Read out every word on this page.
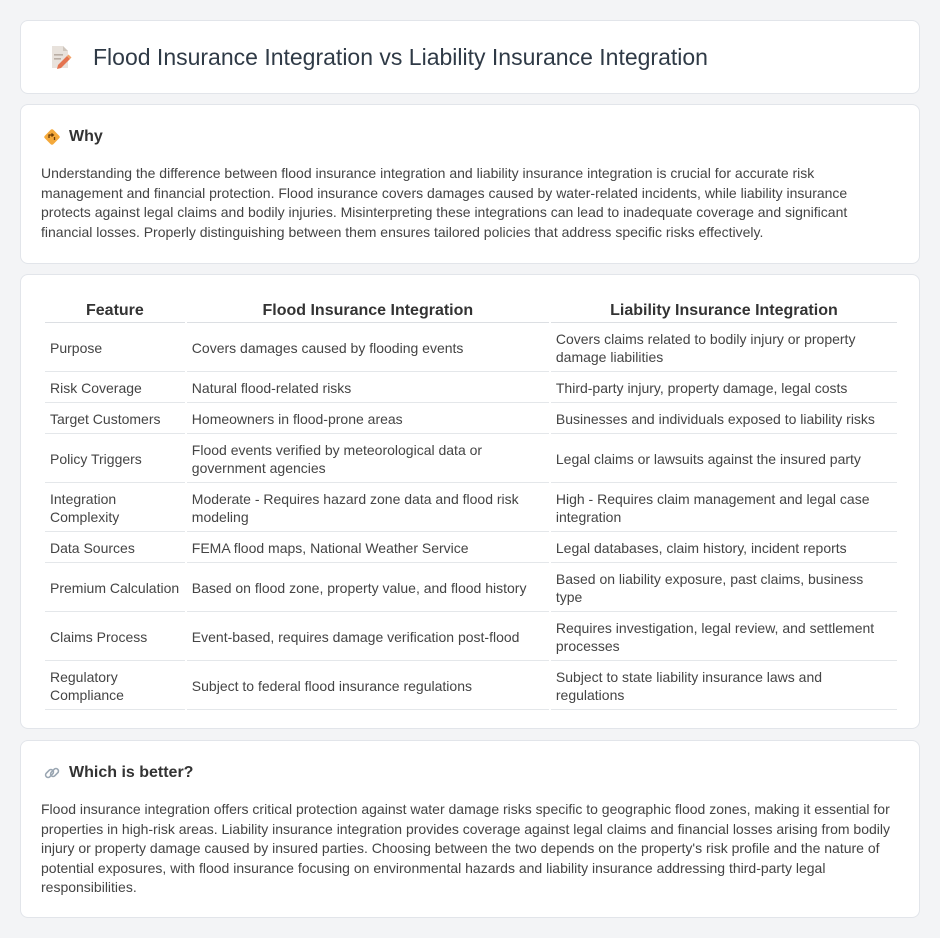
Flood Insurance Integration vs Liability Insurance Integration
Why

Understanding the difference between flood insurance integration and liability insurance integration is crucial for accurate risk management and financial protection. Flood insurance covers damages caused by water-related incidents, while liability insurance protects against legal claims and bodily injuries. Misinterpreting these integrations can lead to inadequate coverage and significant financial losses. Properly distinguishing between them ensures tailored policies that address specific risks effectively.

Feature	Flood Insurance Integration	Liability Insurance Integration
Purpose	Covers damages caused by flooding events	Covers claims related to bodily injury or property damage liabilities
Risk Coverage	Natural flood-related risks	Third-party injury, property damage, legal costs
Target Customers	Homeowners in flood-prone areas	Businesses and individuals exposed to liability risks
Policy Triggers	Flood events verified by meteorological data or government agencies	Legal claims or lawsuits against the insured party
Integration Complexity	Moderate - Requires hazard zone data and flood risk modeling	High - Requires claim management and legal case integration
Data Sources	FEMA flood maps, National Weather Service	Legal databases, claim history, incident reports
Premium Calculation	Based on flood zone, property value, and flood history	Based on liability exposure, past claims, business type
Claims Process	Event-based, requires damage verification post-flood	Requires investigation, legal review, and settlement processes
Regulatory Compliance	Subject to federal flood insurance regulations	Subject to state liability insurance laws and regulations
Which is better?

Flood insurance integration offers critical protection against water damage risks specific to geographic flood zones, making it essential for properties in high-risk areas. Liability insurance integration provides coverage against legal claims and financial losses arising from bodily injury or property damage caused by insured parties. Choosing between the two depends on the property's risk profile and the nature of potential exposures, with flood insurance focusing on environmental hazards and liability insurance addressing third-party legal responsibilities.
